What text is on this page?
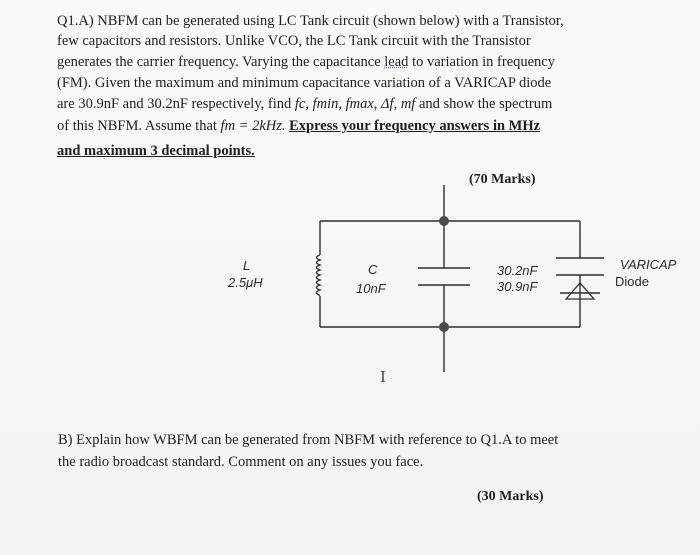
Q1.A) NBFM can be generated using LC Tank circuit (shown below) with a Transistor,
few capacitors and resistors. Unlike VCO, the LC Tank circuit with the Transistor
generates the carrier frequency. Varying the capacitance lead to variation in frequency
(FM). Given the maximum and minimum capacitance variation of a VARICAP diode
are 30.9nF and 30.2nF respectively, find fc, fmin, fmax, Δf, mf and show the spectrum
of this NBFM. Assume that fm = 2kHz. Express your frequency answers in MHz
and maximum 3 decimal points.
(70 Marks)
L
2.5μH
C
10nF
30.2nF
30.9nF
VARICAP
Diode
I
B) Explain how WBFM can be generated from NBFM with reference to Q1.A to meet
the radio broadcast standard. Comment on any issues you face.
(30 Marks)
